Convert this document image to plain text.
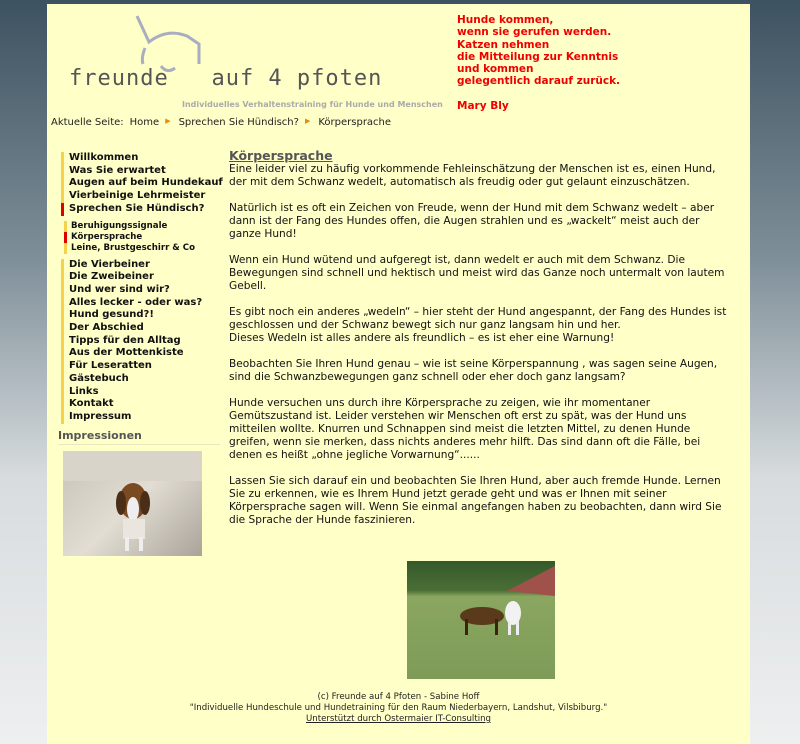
freunde   auf 4 pfoten
Individuelles Verhaltenstraining für Hunde und Menschen
Hunde kommen,
wenn sie gerufen werden.
Katzen nehmen
die Mitteilung zur Kenntnis
und kommen
gelegentlich darauf zurück.
Mary Bly
Aktuelle Seite: Home ▶ Sprechen Sie Hündisch? ▶ Körpersprache
Willkommen
Was Sie erwartet
Augen auf beim Hundekauf
Vierbeinige Lehrmeister
Sprechen Sie Hündisch?
Beruhigungssignale
Körpersprache
Leine, Brustgeschirr & Co
Die Vierbeiner
Die Zweibeiner
Und wer sind wir?
Alles lecker - oder was?
Hund gesund?!
Der Abschied
Tipps für den Alltag
Aus der Mottenkiste
Für Leseratten
Gästebuch
Links
Kontakt
Impressum
Impressionen
Körpersprache

Eine leider viel zu häufig vorkommende Fehleinschätzung der Menschen ist es, einen Hund,
der mit dem Schwanz wedelt, automatisch als freudig oder gut gelaunt einzuschätzen.

Natürlich ist es oft ein Zeichen von Freude, wenn der Hund mit dem Schwanz wedelt – aber
dann ist der Fang des Hundes offen, die Augen strahlen und es „wackelt“ meist auch der
ganze Hund!

Wenn ein Hund wütend und aufgeregt ist, dann wedelt er auch mit dem Schwanz. Die
Bewegungen sind schnell und hektisch und meist wird das Ganze noch untermalt von lautem
Gebell.

Es gibt noch ein anderes „wedeln“ – hier steht der Hund angespannt, der Fang des Hundes ist
geschlossen und der Schwanz bewegt sich nur ganz langsam hin und her.
Dieses Wedeln ist alles andere als freundlich – es ist eher eine Warnung!

Beobachten Sie Ihren Hund genau – wie ist seine Körperspannung , was sagen seine Augen,
sind die Schwanzbewegungen ganz schnell oder eher doch ganz langsam?

Hunde versuchen uns durch ihre Körpersprache zu zeigen, wie ihr momentaner
Gemütszustand ist. Leider verstehen wir Menschen oft erst zu spät, was der Hund uns
mitteilen wollte. Knurren und Schnappen sind meist die letzten Mittel, zu denen Hunde
greifen, wenn sie merken, dass nichts anderes mehr hilft. Das sind dann oft die Fälle, bei
denen es heißt „ohne jegliche Vorwarnung“......

Lassen Sie sich darauf ein und beobachten Sie Ihren Hund, aber auch fremde Hunde. Lernen
Sie zu erkennen, wie es Ihrem Hund jetzt gerade geht und was er Ihnen mit seiner
Körpersprache sagen will. Wenn Sie einmal angefangen haben zu beobachten, dann wird Sie
die Sprache der Hunde faszinieren.

(c) Freunde auf 4 Pfoten - Sabine Hoff
"Individuelle Hundeschule und Hundetraining für den Raum Niederbayern, Landshut, Vilsbiburg."
Unterstützt durch Ostermaier IT-Consulting
